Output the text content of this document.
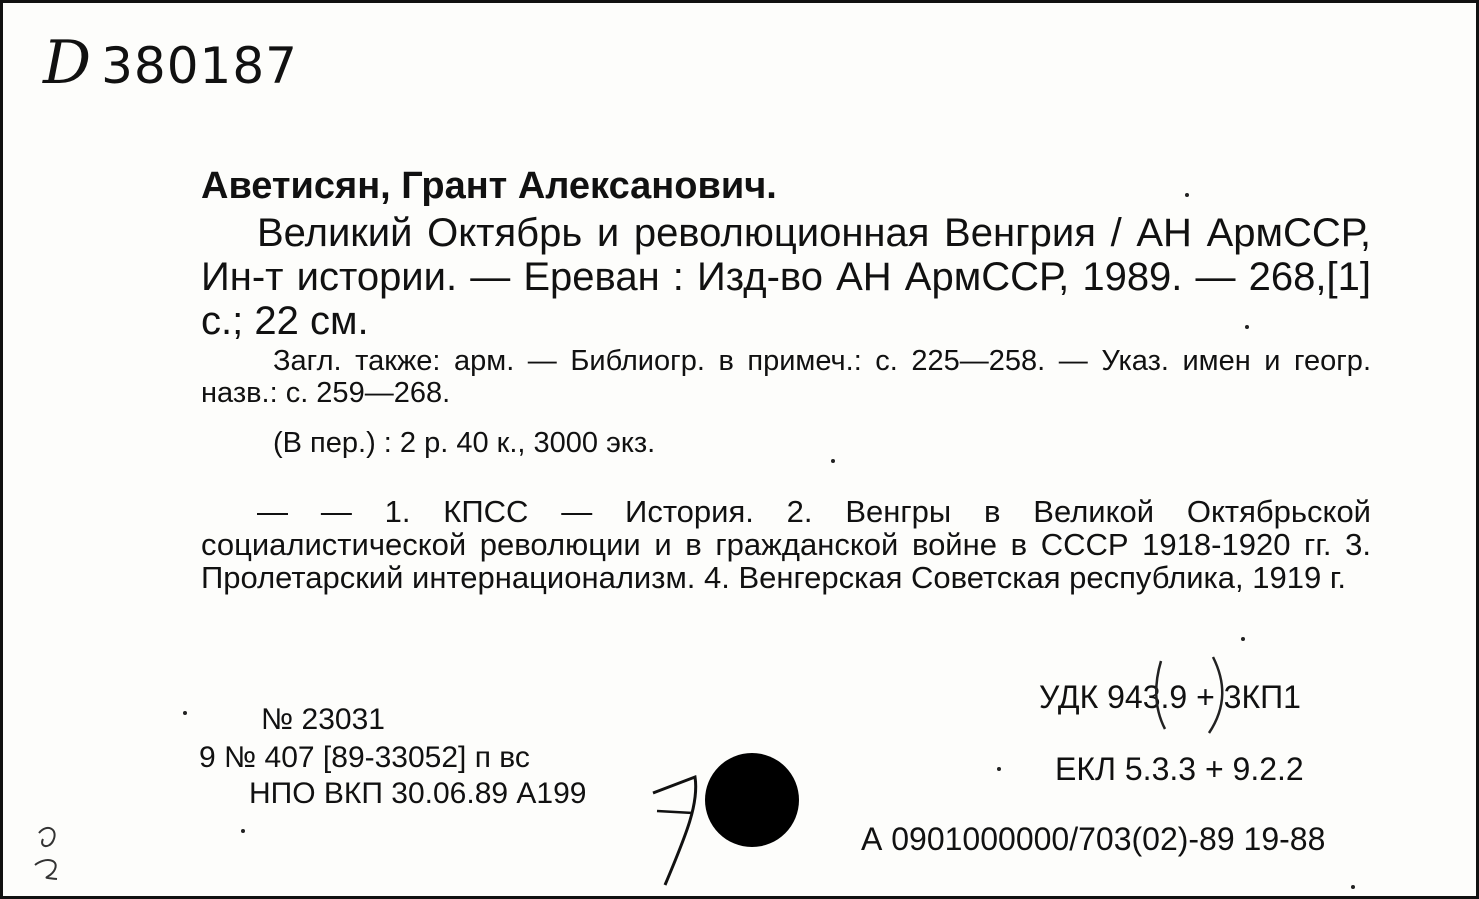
D 380187
Аветисян, Грант Алексанович.
Великий Октябрь и революционная Венгрия / АН АрмССР, Ин-т истории. — Ереван : Изд-во АН АрмССР, 1989. — 268,[1] с.; 22 см.
Загл. также: арм. — Библиогр. в примеч.: с. 225—258. — Указ. имен и геогр. назв.: с. 259—268.
(В пер.) : 2 р. 40 к., 3000 экз.
— — 1. КПСС — История. 2. Венгры в Великой Октябрьской социалистической революции и в гражданской войне в СССР 1918-1920 гг. 3. Пролетарский интернационализм. 4. Венгерская Советская республика, 1919 г.
№ 23031
9 № 407 [89-33052] п вс
НПО ВКП 30.06.89 А199
УДК 943.9 + 3КП1
ЕКЛ 5.3.3 + 9.2.2
А 0901000000/703(02)-89 19-88
